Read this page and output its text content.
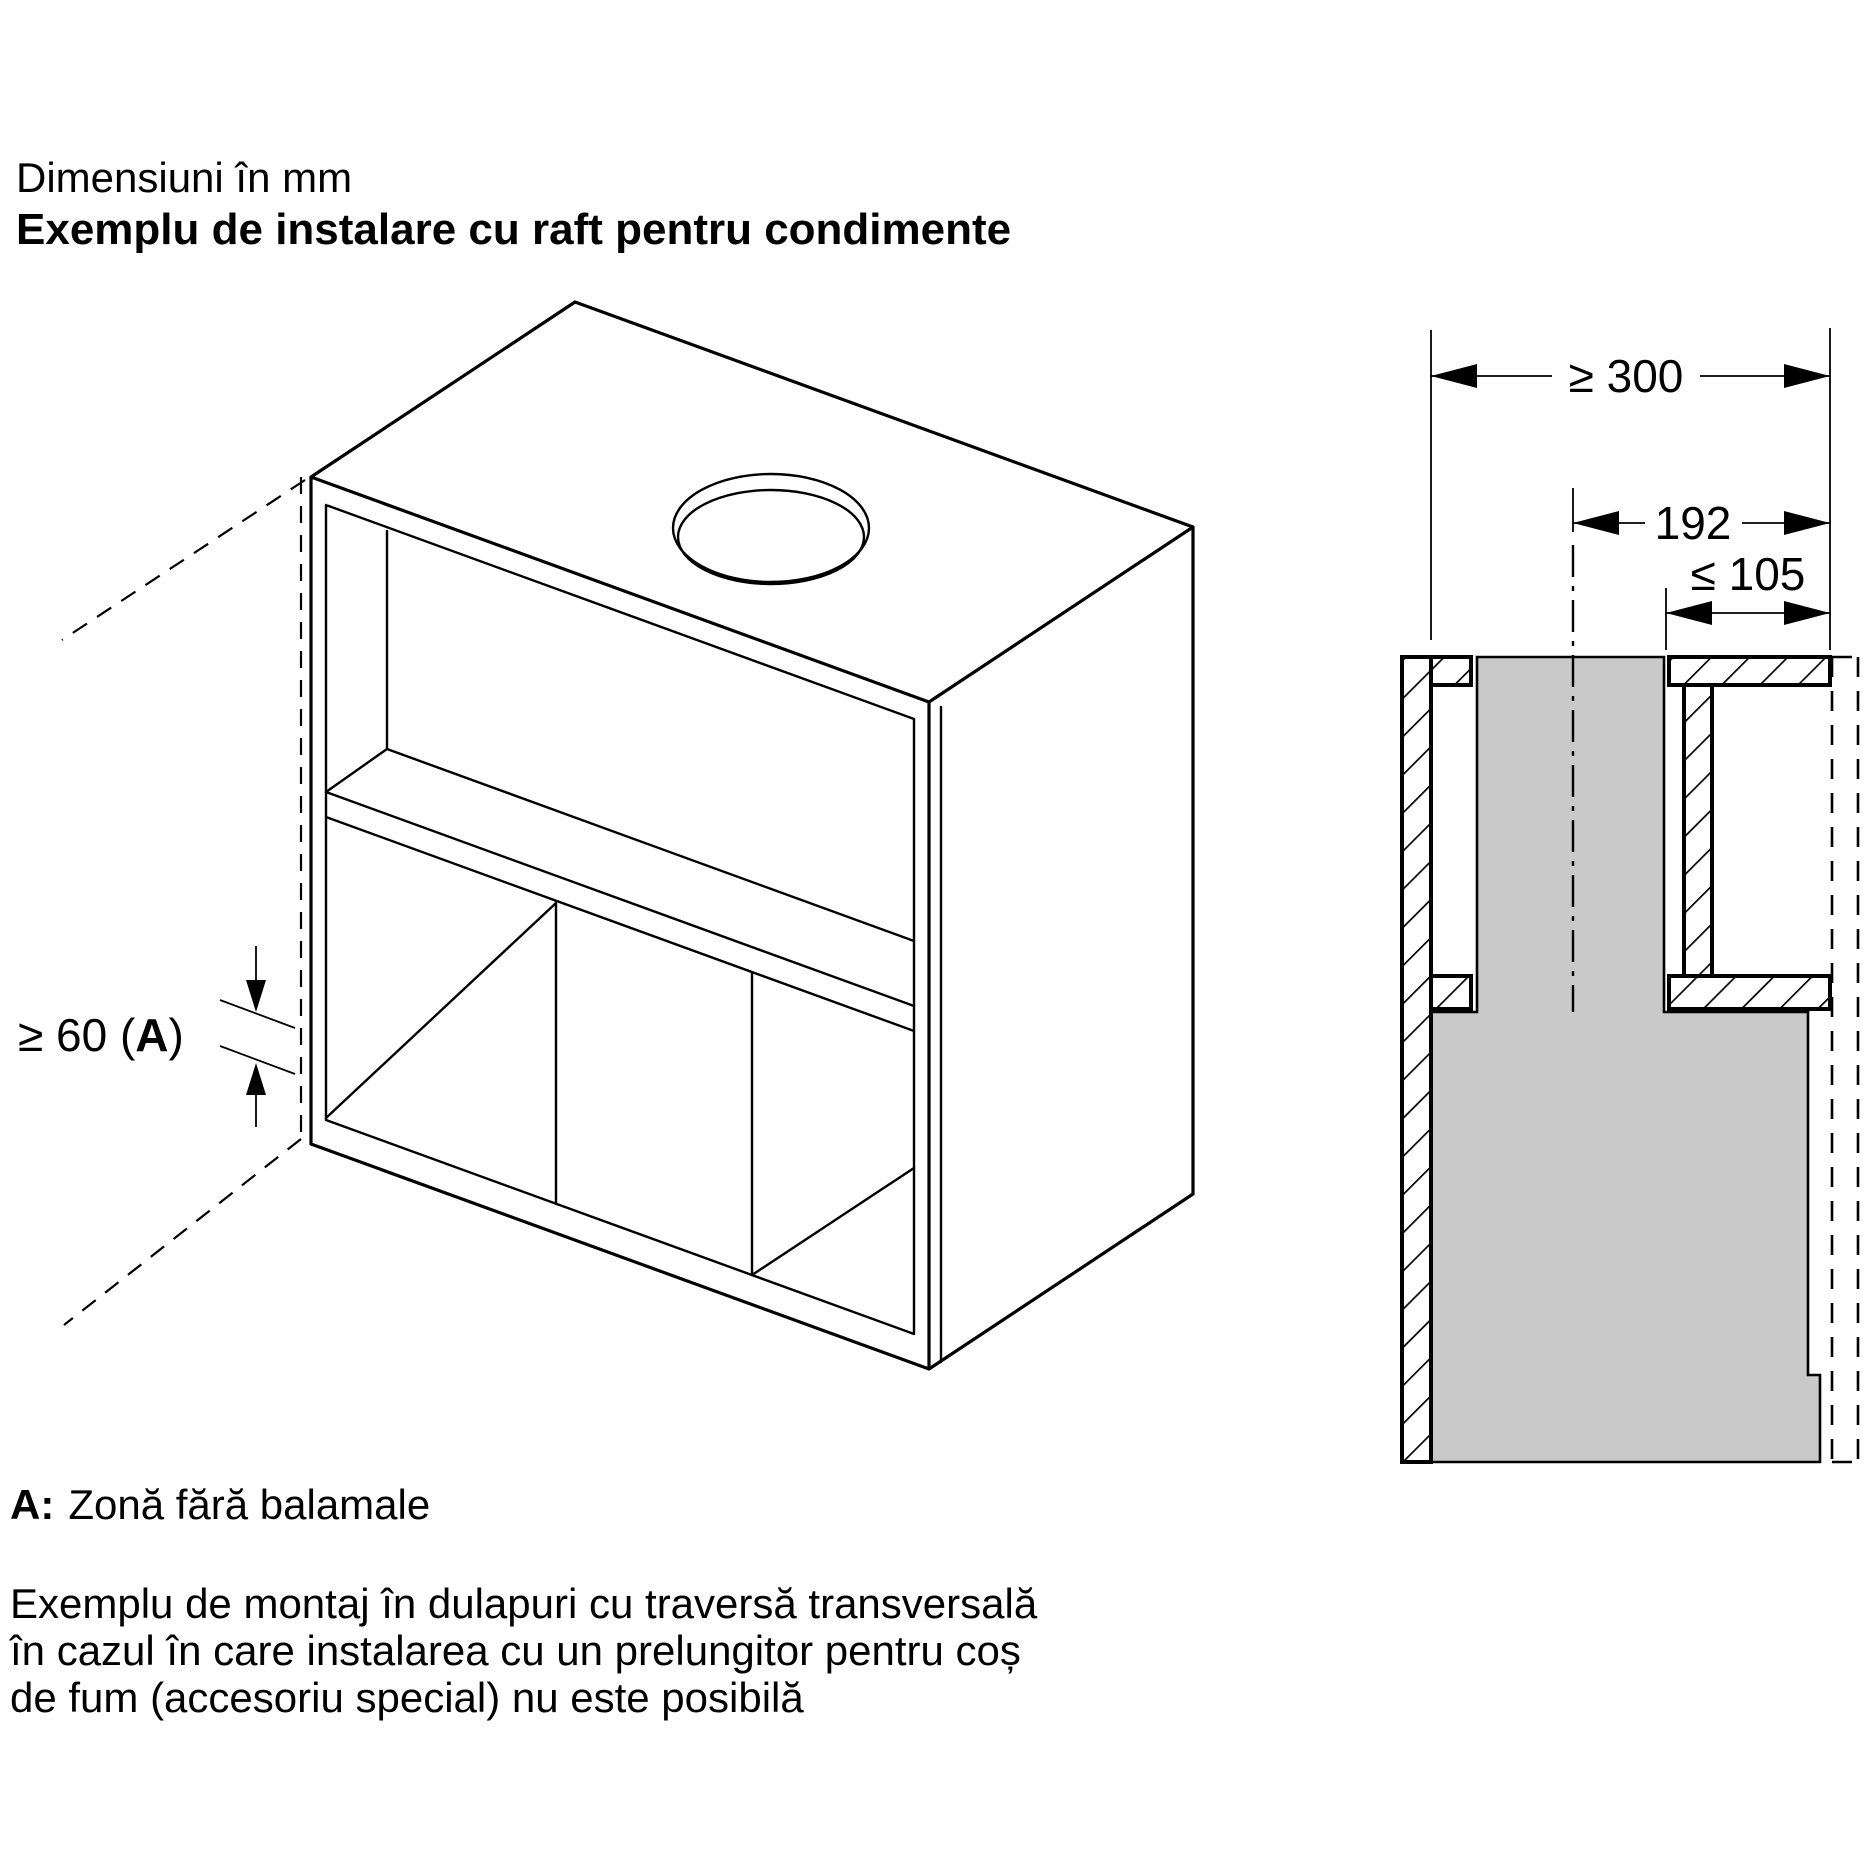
Dimensiuni în mm
Exemplu de instalare cu raft pentru condimente
≥ 60 (A)
≥ 300
192
≤ 105
A: Zonă fără balamale
Exemplu de montaj în dulapuri cu traversă transversală
în cazul în care instalarea cu un prelungitor pentru coș
de fum (accesoriu special) nu este posibilă
